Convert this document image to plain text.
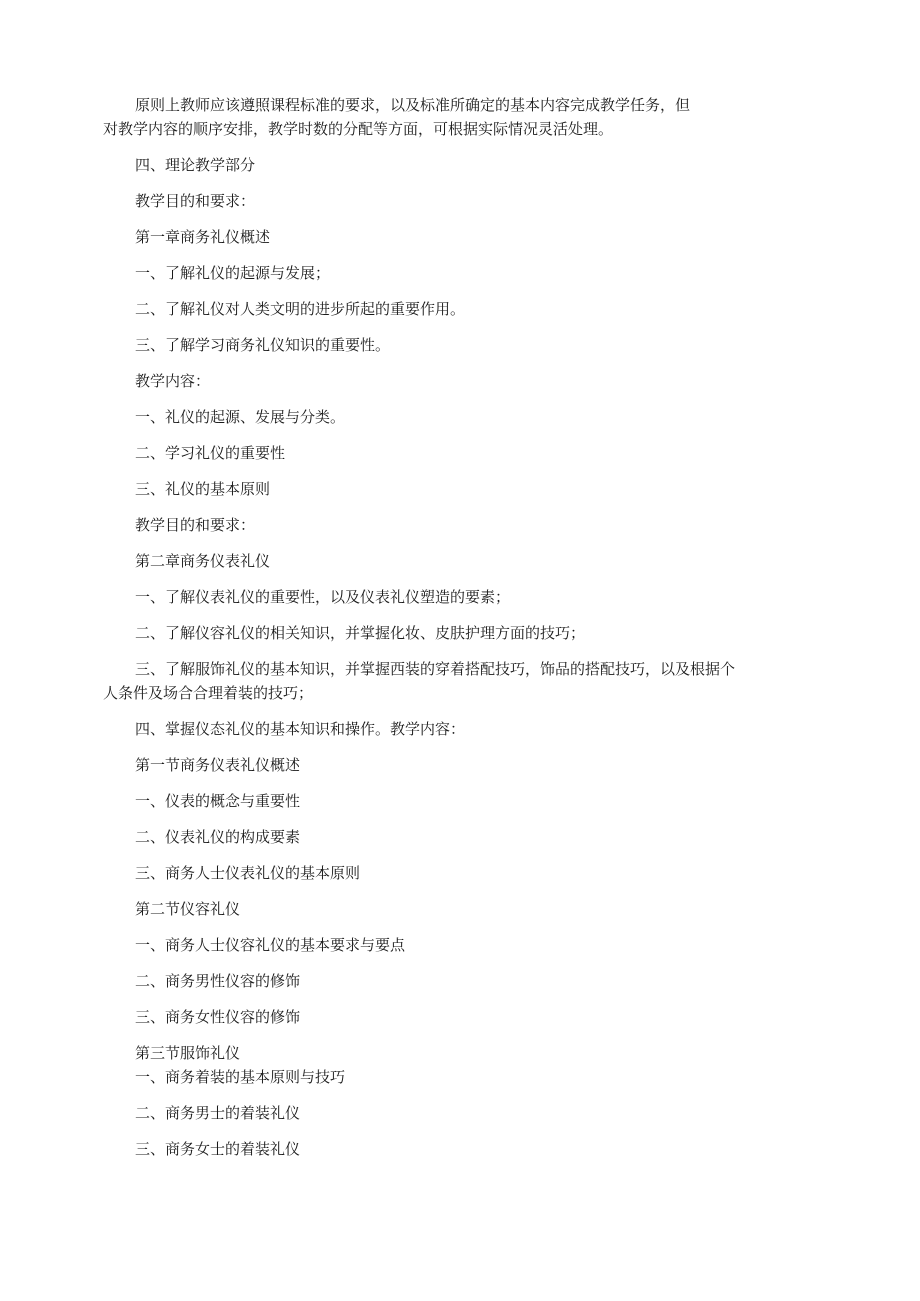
原则上教师应该遵照课程标准的要求，以及标准所确定的基本内容完成教学任务，但
对教学内容的顺序安排，教学时数的分配等方面，可根据实际情况灵活处理。
四、理论教学部分
教学目的和要求：
第一章商务礼仪概述
一、了解礼仪的起源与发展；
二、了解礼仪对人类文明的进步所起的重要作用。
三、了解学习商务礼仪知识的重要性。
教学内容：
一、礼仪的起源、发展与分类。
二、学习礼仪的重要性
三、礼仪的基本原则
教学目的和要求：
第二章商务仪表礼仪
一、了解仪表礼仪的重要性，以及仪表礼仪塑造的要素；
二、了解仪容礼仪的相关知识，并掌握化妆、皮肤护理方面的技巧；
三、了解服饰礼仪的基本知识，并掌握西装的穿着搭配技巧，饰品的搭配技巧，以及根据个
人条件及场合合理着装的技巧；
四、掌握仪态礼仪的基本知识和操作。教学内容：
第一节商务仪表礼仪概述
一、仪表的概念与重要性
二、仪表礼仪的构成要素
三、商务人士仪表礼仪的基本原则
第二节仪容礼仪
一、商务人士仪容礼仪的基本要求与要点
二、商务男性仪容的修饰
三、商务女性仪容的修饰
第三节服饰礼仪
一、商务着装的基本原则与技巧
二、商务男士的着装礼仪
三、商务女士的着装礼仪
